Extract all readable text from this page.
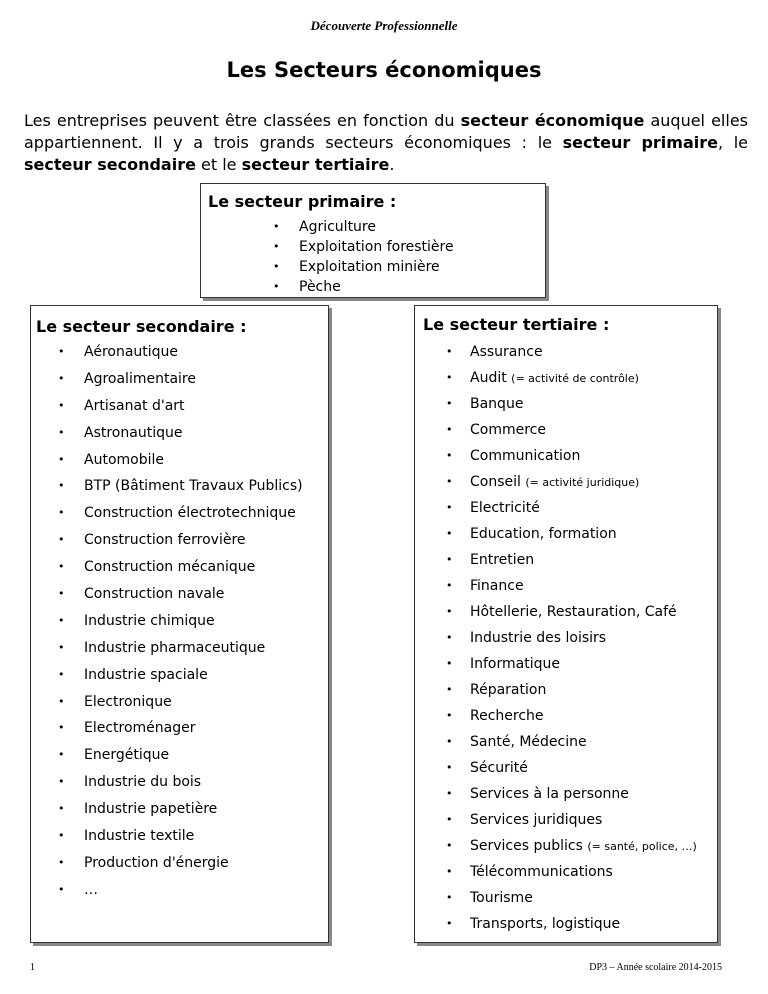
Découverte Professionnelle
Les Secteurs économiques

Les entreprises peuvent être classées en fonction du secteur économique auquel elles appartiennent. Il y a trois grands secteurs économiques : le secteur primaire, le secteur secondaire et le secteur tertiaire.

Le secteur primaire :
• Agriculture
• Exploitation forestière
• Exploitation minière
• Pèche
Le secteur secondaire :
• Aéronautique
• Agroalimentaire
• Artisanat d'art
• Astronautique
• Automobile
• BTP (Bâtiment Travaux Publics)
• Construction électrotechnique
• Construction ferrovière
• Construction mécanique
• Construction navale
• Industrie chimique
• Industrie pharmaceutique
• Industrie spaciale
• Electronique
• Electroménager
• Energétique
• Industrie du bois
• Industrie papetière
• Industrie textile
• Production d'énergie
• …
Le secteur tertiaire :
• Assurance
• Audit (= activité de contrôle)
• Banque
• Commerce
• Communication
• Conseil (= activité juridique)
• Electricité
• Education, formation
• Entretien
• Finance
• Hôtellerie, Restauration, Café
• Industrie des loisirs
• Informatique
• Réparation
• Recherche
• Santé, Médecine
• Sécurité
• Services à la personne
• Services juridiques
• Services publics (= santé, police, …)
• Télécommunications
• Tourisme
• Transports, logistique
1	DP3 – Année scolaire 2014-2015
